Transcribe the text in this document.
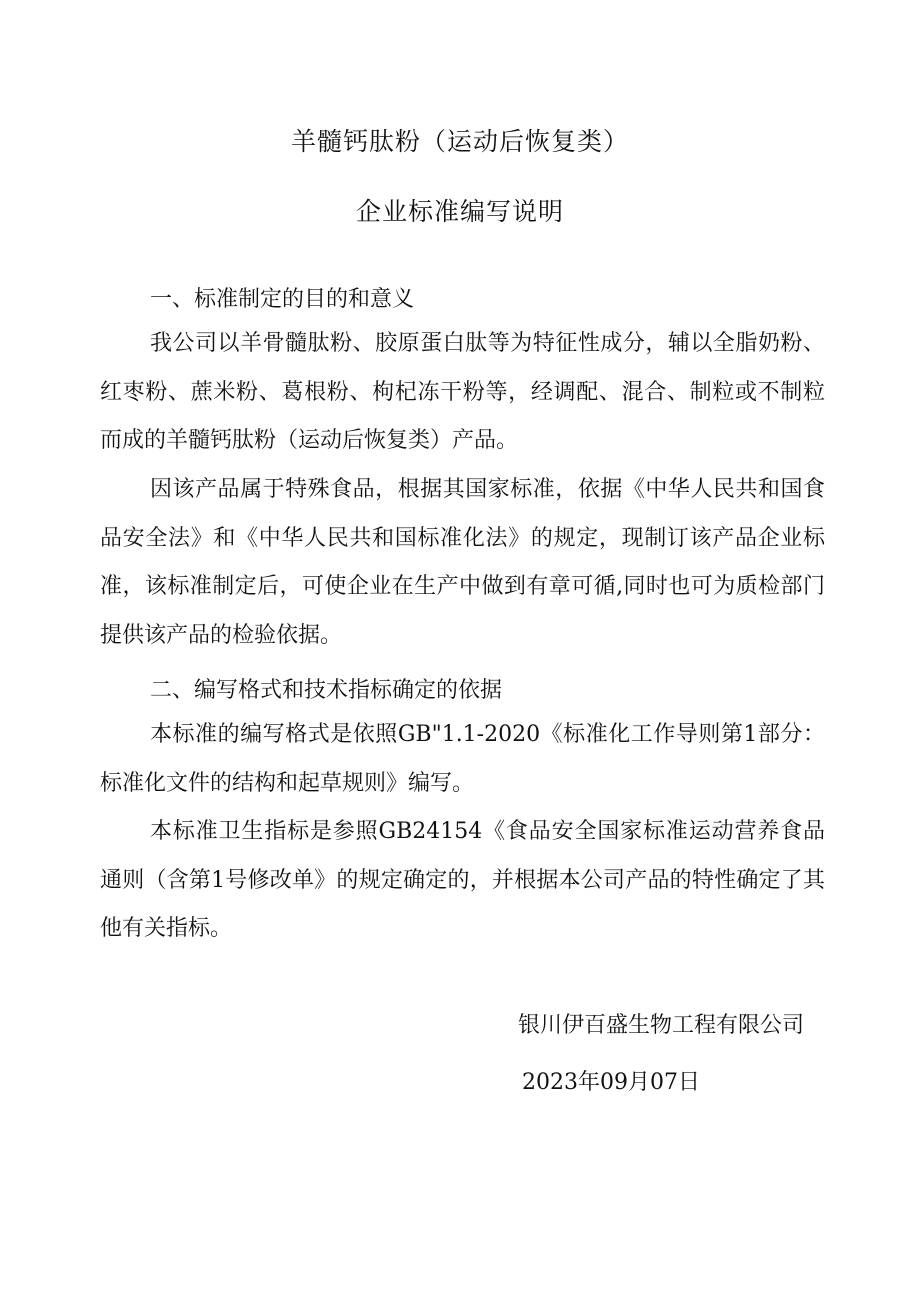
羊髓钙肽粉（运动后恢复类）
企业标准编写说明
一、标准制定的目的和意义

我公司以羊骨髓肽粉、胶原蛋白肽等为特征性成分，辅以全脂奶粉、红枣粉、蔗米粉、葛根粉、枸杞冻干粉等，经调配、混合、制粒或不制粒而成的羊髓钙肽粉（运动后恢复类）产品。

因该产品属于特殊食品，根据其国家标准，依据《中华人民共和国食品安全法》和《中华人民共和国标准化法》的规定，现制订该产品企业标准，该标准制定后，可使企业在生产中做到有章可循,同时也可为质检部门提供该产品的检验依据。

二、编写格式和技术指标确定的依据

本标准的编写格式是依照GB"1.1-2020《标准化工作导则第1部分：标准化文件的结构和起草规则》编写。

本标准卫生指标是参照GB24154《食品安全国家标准运动营养食品通则（含第1号修改单》的规定确定的，并根据本公司产品的特性确定了其他有关指标。

银川伊百盛生物工程有限公司
2023年09月07日
